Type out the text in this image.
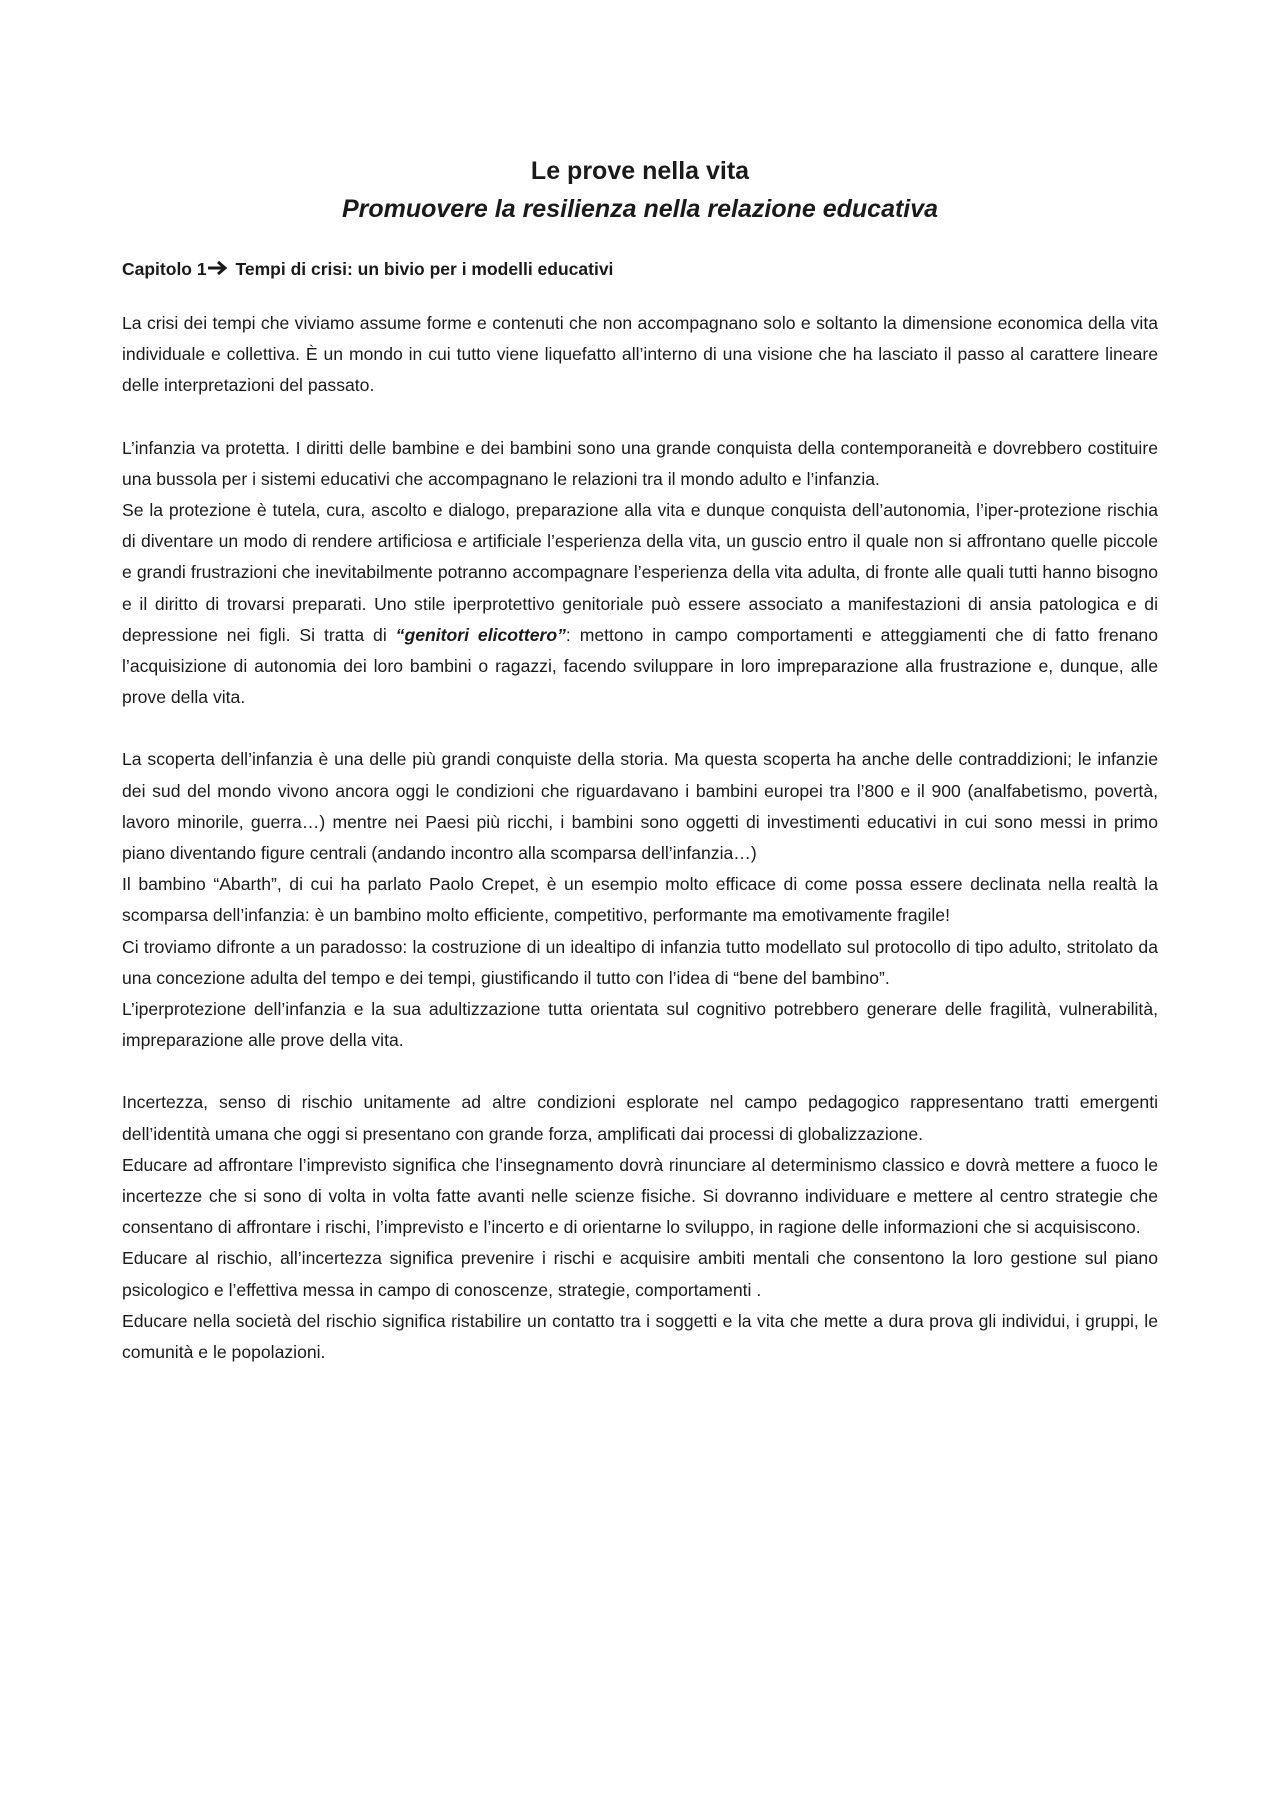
Le prove nella vita
Promuovere la resilienza nella relazione educativa
Capitolo 1 Tempi di crisi: un bivio per i modelli educativi

La crisi dei tempi che viviamo assume forme e contenuti che non accompagnano solo e soltanto la dimensione economica della vita individuale e collettiva. È un mondo in cui tutto viene liquefatto all’interno di una visione che ha lasciato il passo al carattere lineare delle interpretazioni del passato.

L’infanzia va protetta. I diritti delle bambine e dei bambini sono una grande conquista della contemporaneità e dovrebbero costituire una bussola per i sistemi educativi che accompagnano le relazioni tra il mondo adulto e l’infanzia.

Se la protezione è tutela, cura, ascolto e dialogo, preparazione alla vita e dunque conquista dell’autonomia, l’iper-protezione rischia di diventare un modo di rendere artificiosa e artificiale l’esperienza della vita, un guscio entro il quale non si affrontano quelle piccole e grandi frustrazioni che inevitabilmente potranno accompagnare l’esperienza della vita adulta, di fronte alle quali tutti hanno bisogno e il diritto di trovarsi preparati. Uno stile iperprotettivo genitoriale può essere associato a manifestazioni di ansia patologica e di depressione nei figli. Si tratta di “genitori elicottero”: mettono in campo comportamenti e atteggiamenti che di fatto frenano l’acquisizione di autonomia dei loro bambini o ragazzi, facendo sviluppare in loro impreparazione alla frustrazione e, dunque, alle prove della vita.

La scoperta dell’infanzia è una delle più grandi conquiste della storia. Ma questa scoperta ha anche delle contraddizioni; le infanzie dei sud del mondo vivono ancora oggi le condizioni che riguardavano i bambini europei tra l’800 e il 900 (analfabetismo, povertà, lavoro minorile, guerra…) mentre nei Paesi più ricchi, i bambini sono oggetti di investimenti educativi in cui sono messi in primo piano diventando figure centrali (andando incontro alla scomparsa dell’infanzia…)

Il bambino “Abarth”, di cui ha parlato Paolo Crepet, è un esempio molto efficace di come possa essere declinata nella realtà la scomparsa dell’infanzia: è un bambino molto efficiente, competitivo, performante ma emotivamente fragile!

Ci troviamo difronte a un paradosso: la costruzione di un idealtipo di infanzia tutto modellato sul protocollo di tipo adulto, stritolato da una concezione adulta del tempo e dei tempi, giustificando il tutto con l’idea di “bene del bambino”.

L’iperprotezione dell’infanzia e la sua adultizzazione tutta orientata sul cognitivo potrebbero generare delle fragilità, vulnerabilità, impreparazione alle prove della vita.

Incertezza, senso di rischio unitamente ad altre condizioni esplorate nel campo pedagogico rappresentano tratti emergenti dell’identità umana che oggi si presentano con grande forza, amplificati dai processi di globalizzazione.

Educare ad affrontare l’imprevisto significa che l’insegnamento dovrà rinunciare al determinismo classico e dovrà mettere a fuoco le incertezze che si sono di volta in volta fatte avanti nelle scienze fisiche. Si dovranno individuare e mettere al centro strategie che consentano di affrontare i rischi, l’imprevisto e l’incerto e di orientarne lo sviluppo, in ragione delle informazioni che si acquisiscono.

Educare al rischio, all’incertezza significa prevenire i rischi e acquisire ambiti mentali che consentono la loro gestione sul piano psicologico e l’effettiva messa in campo di conoscenze, strategie, comportamenti .

Educare nella società del rischio significa ristabilire un contatto tra i soggetti e la vita che mette a dura prova gli individui, i gruppi, le comunità e le popolazioni.
